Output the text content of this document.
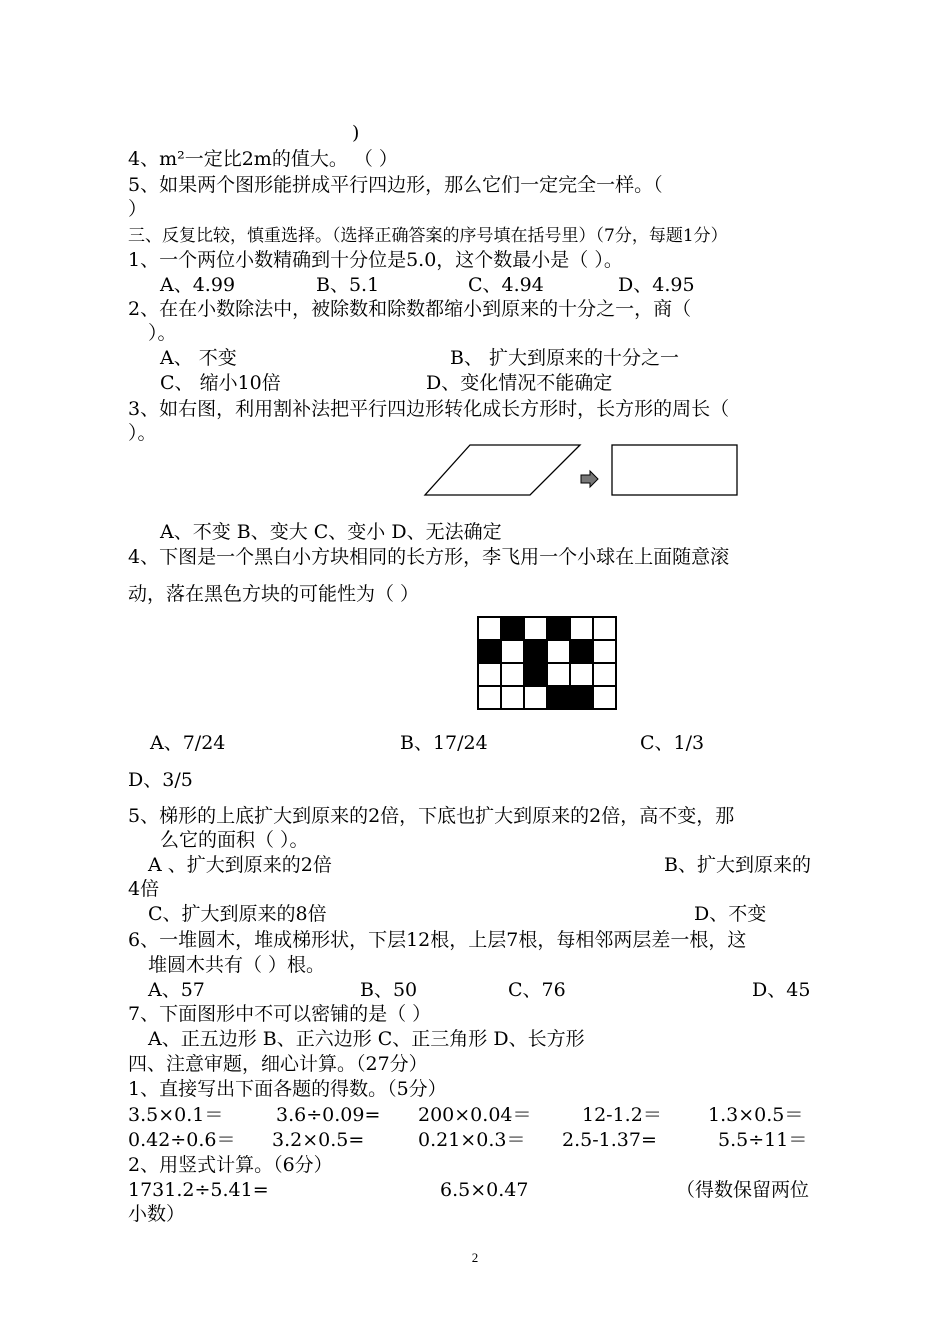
)
4、m²一定比2m的值大。 （ ）
5、如果两个图形能拼成平行四边形，那么它们一定完全一样。（
）
三、反复比较，慎重选择。（选择正确答案的序号填在括号里）（7分，每题1分）
1、一个两位小数精确到十分位是5.0，这个数最小是（ ）。
A、4.99	B、5.1	C、4.94	D、4.95
2、在在小数除法中，被除数和除数都缩小到原来的十分之一，商（
）。
A、 不变	B、 扩大到原来的十分之一
C、 缩小10倍	D、变化情况不能确定
3、如右图，利用割补法把平行四边形转化成长方形时，长方形的周长（
）。
A、不变 B、变大 C、变小 D、无法确定
4、下图是一个黑白小方块相同的长方形，李飞用一个小球在上面随意滚
动，落在黑色方块的可能性为（ ）
A、7/24	B、17/24	C、1/3
D、3/5
5、梯形的上底扩大到原来的2倍，下底也扩大到原来的2倍，高不变，那
么它的面积（ ）。
A 、扩大到原来的2倍	B、扩大到原来的
4倍
C、扩大到原来的8倍	D、不变
6、一堆圆木，堆成梯形状，下层12根，上层7根，每相邻两层差一根，这
堆圆木共有（ ）根。
A、57	B、50	C、76	D、45
7、下面图形中不可以密铺的是（ ）
A、正五边形 B、正六边形 C、正三角形 D、长方形
四、注意审题，细心计算。（27分）
1、直接写出下面各题的得数。（5分）
3.5×0.1＝	3.6÷0.09= 200×0.04＝	12-1.2＝ 1.3×0.5＝
0.42÷0.6＝ 3.2×0.5=	0.21×0.3＝ 2.5-1.37=	5.5÷11＝
2、用竖式计算。（6分）
1731.2÷5.41=	6.5×0.47	（得数保留两位
小数）
2
